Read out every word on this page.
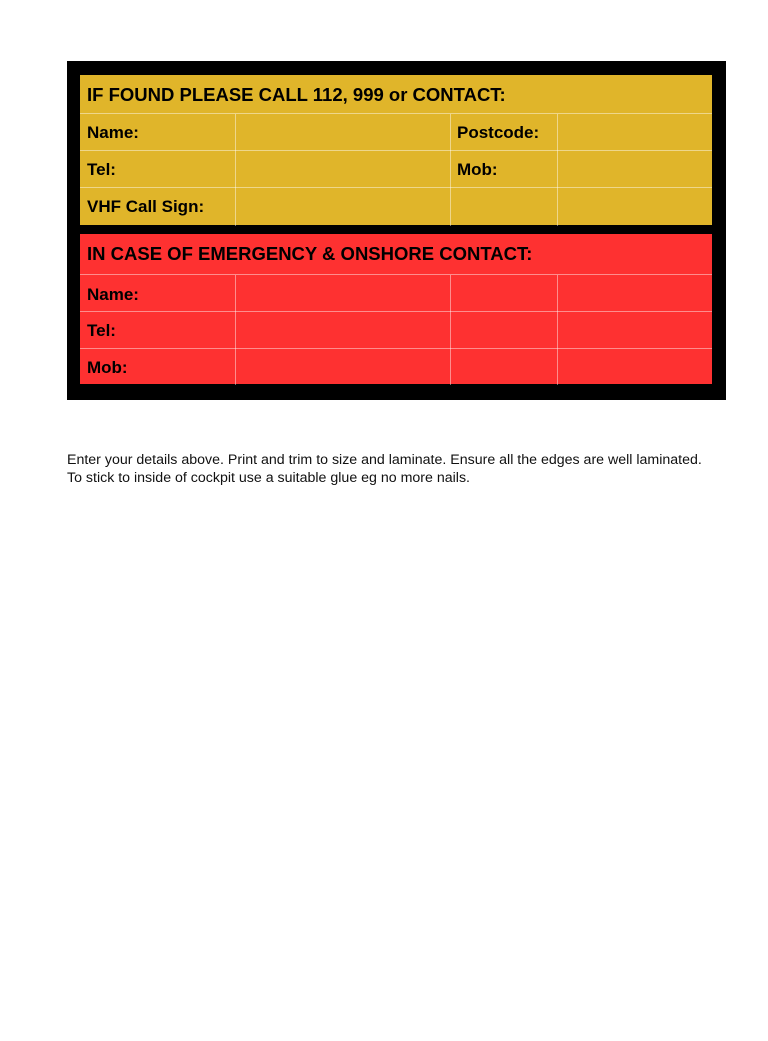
IF FOUND PLEASE CALL 112, 999 or CONTACT:
Name:	Postcode:
Tel:	Mob:
VHF Call Sign:
IN CASE OF EMERGENCY & ONSHORE CONTACT:
Name:
Tel:
Mob:

Enter your details above. Print and trim to size and laminate. Ensure all the edges are well laminated. To stick to inside of cockpit use a suitable glue eg no more nails.
